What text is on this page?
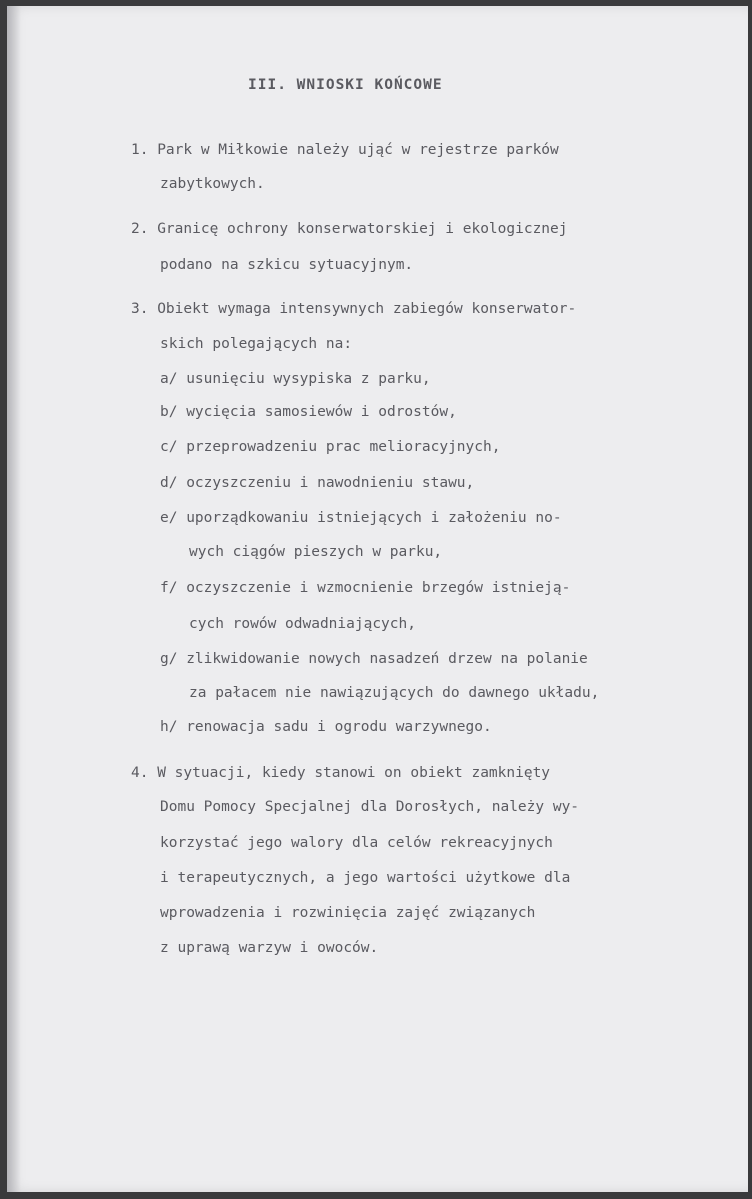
III. WNIOSKI KOŃCOWE
1. Park w Miłkowie należy ująć w rejestrze parków
zabytkowych.
2. Granicę ochrony konserwatorskiej i ekologicznej
podano na szkicu sytuacyjnym.
3. Obiekt wymaga intensywnych zabiegów konserwator-
skich polegających na:
a/ usunięciu wysypiska z parku,
b/ wycięcia samosiewów i odrostów,
c/ przeprowadzeniu prac melioracyjnych,
d/ oczyszczeniu i nawodnieniu stawu,
e/ uporządkowaniu istniejących i założeniu no-
wych ciągów pieszych w parku,
f/ oczyszczenie i wzmocnienie brzegów istnieją-
cych rowów odwadniających,
g/ zlikwidowanie nowych nasadzeń drzew na polanie
za pałacem nie nawiązujących do dawnego układu,
h/ renowacja sadu i ogrodu warzywnego.
4. W sytuacji, kiedy stanowi on obiekt zamknięty
Domu Pomocy Specjalnej dla Dorosłych, należy wy-
korzystać jego walory dla celów rekreacyjnych
i terapeutycznych, a jego wartości użytkowe dla
wprowadzenia i rozwinięcia zajęć związanych
z uprawą warzyw i owoców.
